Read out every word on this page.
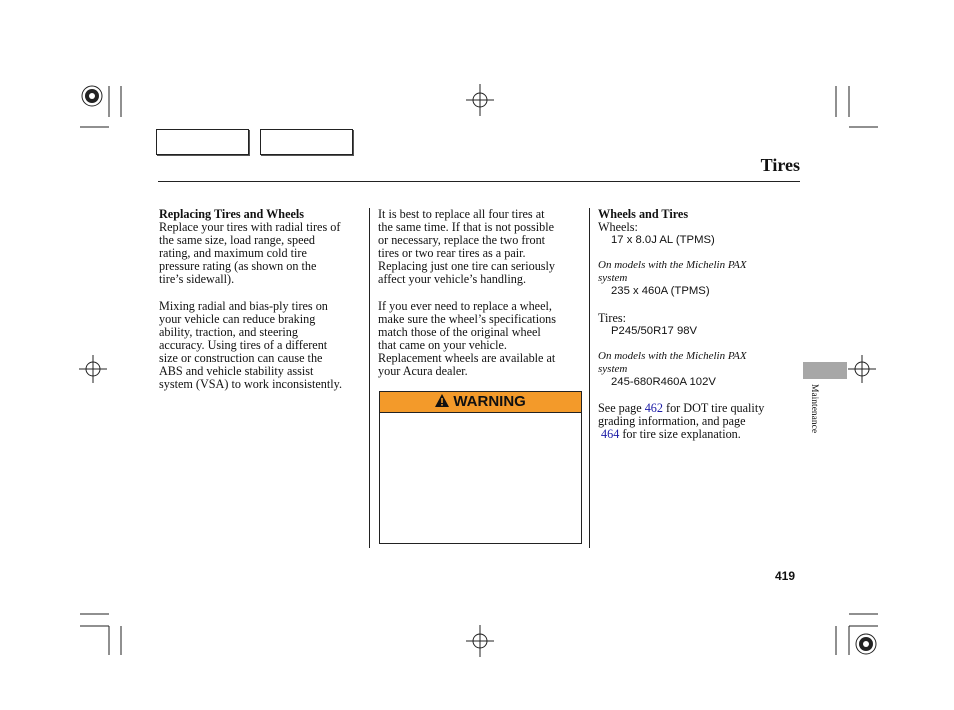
Tires

Replacing Tires and Wheels

Replace your tires with radial tires of
the same size, load range, speed
rating, and maximum cold tire
pressure rating (as shown on the
tire’s sidewall).

Mixing radial and bias-ply tires on
your vehicle can reduce braking
ability, traction, and steering
accuracy. Using tires of a different
size or construction can cause the
ABS and vehicle stability assist
system (VSA) to work inconsistently.

It is best to replace all four tires at
the same time. If that is not possible
or necessary, replace the two front
tires or two rear tires as a pair.
Replacing just one tire can seriously
affect your vehicle’s handling.

If you ever need to replace a wheel,
make sure the wheel’s specifications
match those of the original wheel
that came on your vehicle.
Replacement wheels are available at
your Acura dealer.

WARNING

Wheels and Tires

Wheels:

17 x 8.0J AL (TPMS)

On models with the Michelin PAX
system

235 x 460A (TPMS)

Tires:

P245/50R17 98V

On models with the Michelin PAX
system

245-680R460A 102V

See page 462 for DOT tire quality
grading information, and page
464 for tire size explanation.

Maintenance
419
